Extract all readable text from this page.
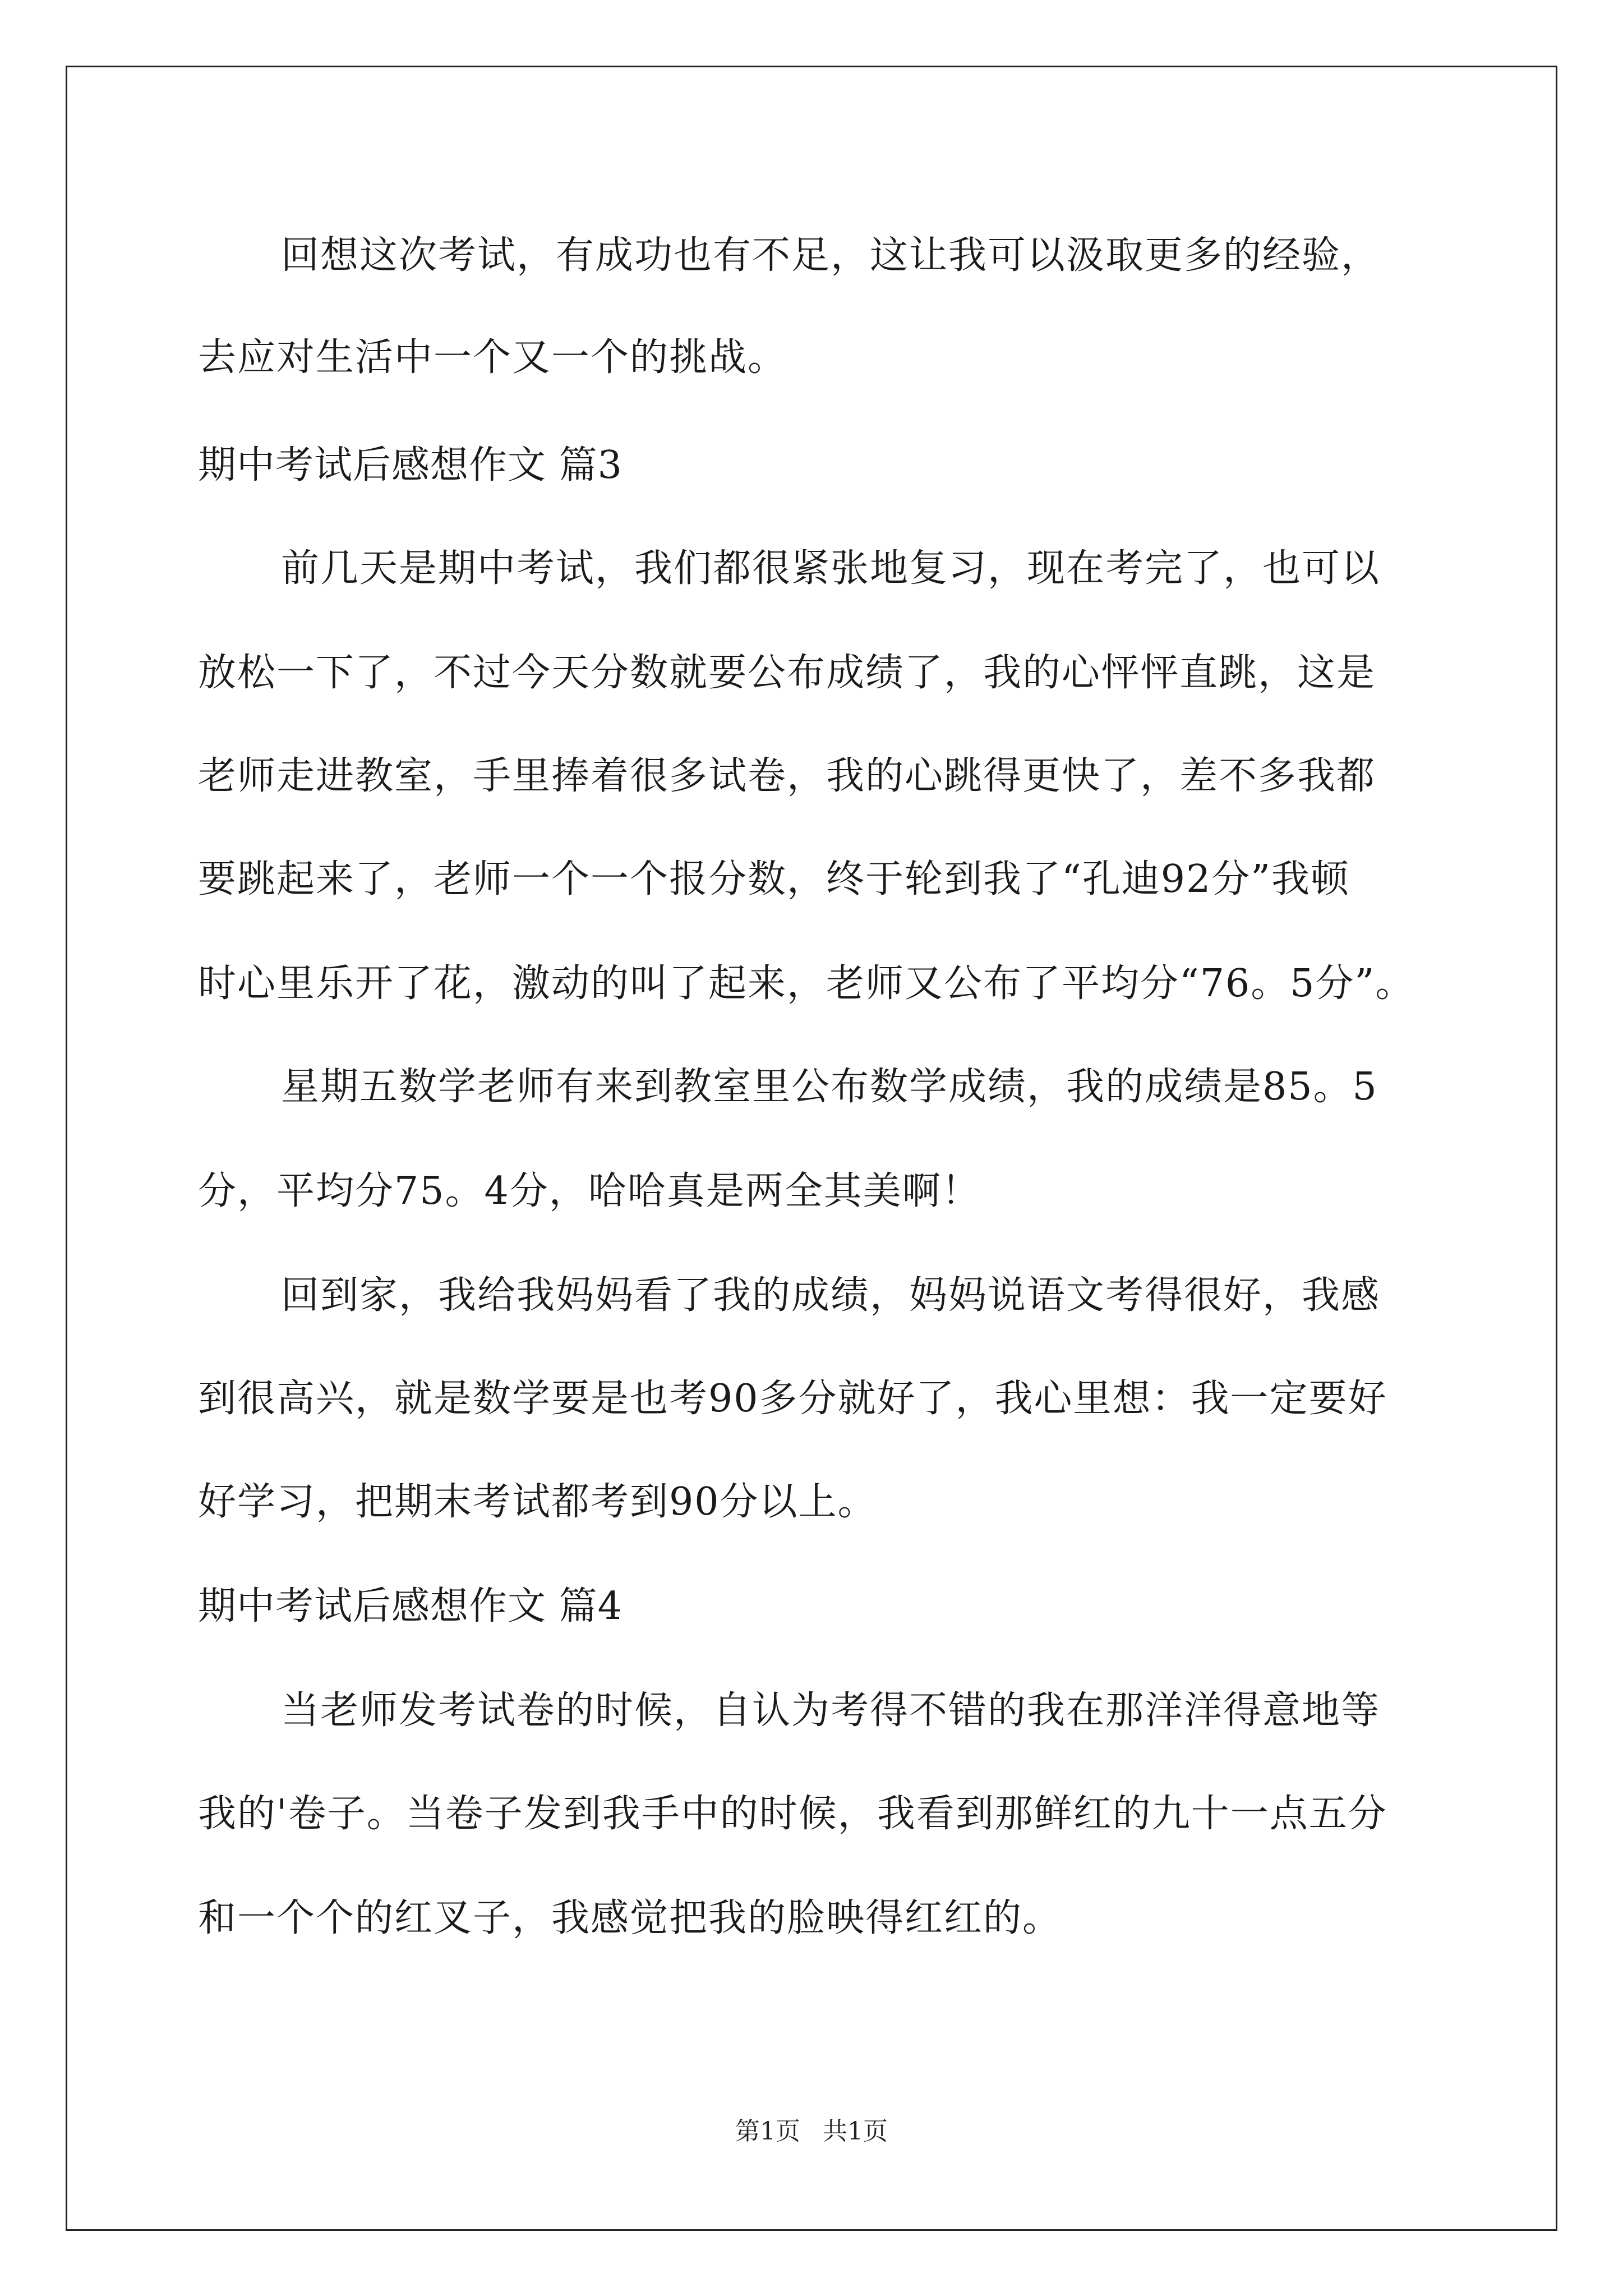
回想这次考试，有成功也有不足，这让我可以汲取更多的经验，
去应对生活中一个又一个的挑战。
期中考试后感想作文 篇3
前几天是期中考试，我们都很紧张地复习，现在考完了，也可以
放松一下了，不过今天分数就要公布成绩了，我的心怦怦直跳，这是
老师走进教室，手里捧着很多试卷，我的心跳得更快了，差不多我都
要跳起来了，老师一个一个报分数，终于轮到我了“孔迪92分”我顿
时心里乐开了花，激动的叫了起来，老师又公布了平均分“76。5分”。
星期五数学老师有来到教室里公布数学成绩，我的成绩是85。5
分，平均分75。4分，哈哈真是两全其美啊！
回到家，我给我妈妈看了我的成绩，妈妈说语文考得很好，我感
到很高兴，就是数学要是也考90多分就好了，我心里想：我一定要好
好学习，把期末考试都考到90分以上。
期中考试后感想作文 篇4
当老师发考试卷的时候，自认为考得不错的我在那洋洋得意地等
我的'卷子。当卷子发到我手中的时候，我看到那鲜红的九十一点五分
和一个个的红叉子，我感觉把我的脸映得红红的。
第1页 共1页
